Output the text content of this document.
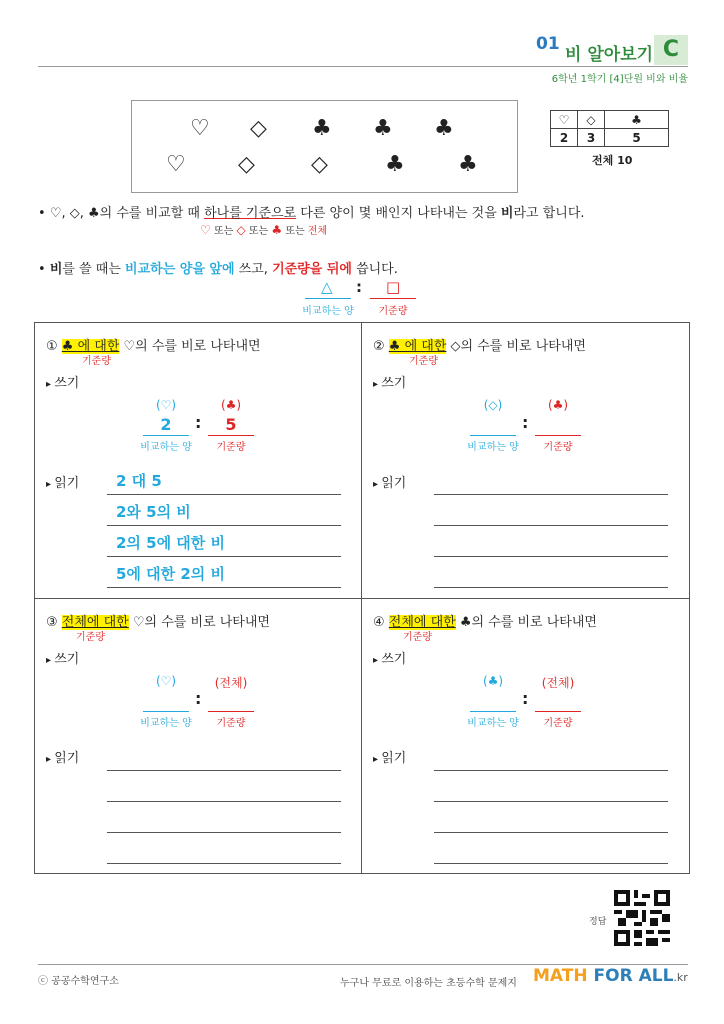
01
비 알아보기 C
6학년 1학기 [4]단원 비와 비율
♡ ◇ ♣ ♣ ♣
♡ ◇	◇	♣ ♣
♡	◇	♣
2	3	5
전체 10
• ♡, ◇, ♣의 수를 비교할 때 하나를 기준으로 다른 양이 몇 배인지 나타내는 것을 비라고 합니다.
♡ 또는 ◇ 또는 ♣ 또는 전체
• 비를 쓸 때는 비교하는 양을 앞에 쓰고, 기준량을 뒤에 씁니다.
△ : □
비교하는 양	기준량
① ♣ 에 대한 ♡의 수를 비로 나타내면
기준량
▸ 쓰기
(♡)	(♣)
2	:	5
비교하는 양	기준량
▸ 읽기 2 대 5
2와 5의 비
2의 5에 대한 비
5에 대한 2의 비
② ♣ 에 대한 ◇의 수를 비로 나타내면
기준량
▸ 쓰기
(◇)	(♣)
:
비교하는 양	기준량
▸ 읽기
③ 전체에 대한 ♡의 수를 비로 나타내면
기준량
▸ 쓰기
(♡)	(전체)
:
비교하는 양	기준량
▸ 읽기
④ 전체에 대한 ♣의 수를 비로 나타내면
기준량
▸ 쓰기
(♣)	(전체)
:
비교하는 양	기준량
▸ 읽기
정답
ⓒ 공공수학연구소	누구나 무료로 이용하는 초등수학 문제지 MATH FOR ALL.kr
